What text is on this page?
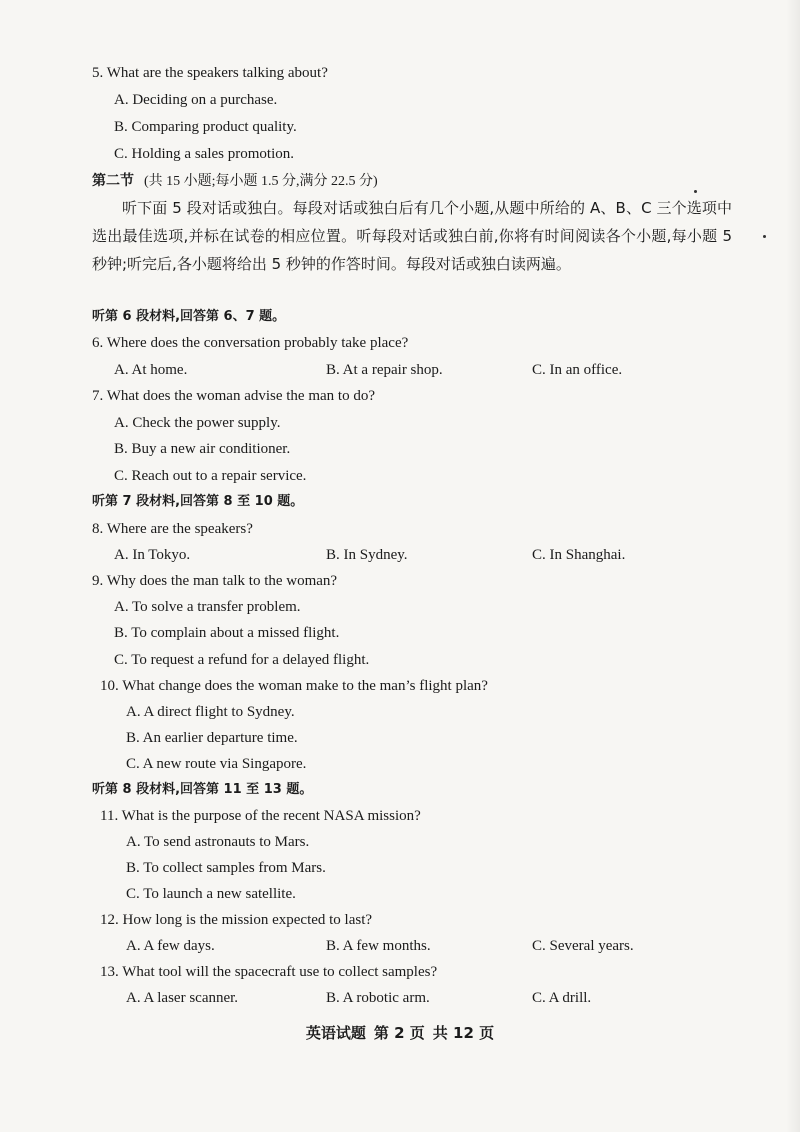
5. What are the speakers talking about?
A. Deciding on a purchase.
B. Comparing product quality.
C. Holding a sales promotion.
第二节 (共 15 小题;每小题 1.5 分,满分 22.5 分)

听下面 5 段对话或独白。每段对话或独白后有几个小题,从题中所给的 A、B、C 三个选项中选出最佳选项,并标在试卷的相应位置。听每段对话或独白前,你将有时间阅读各个小题,每小题 5 秒钟;听完后,各小题将给出 5 秒钟的作答时间。每段对话或独白读两遍。

听第 6 段材料,回答第 6、7 题。
6. Where does the conversation probably take place?
A. At home.	B. At a repair shop.	C. In an office.
7. What does the woman advise the man to do?
A. Check the power supply.
B. Buy a new air conditioner.
C. Reach out to a repair service.
听第 7 段材料,回答第 8 至 10 题。
8. Where are the speakers?
A. In Tokyo.	B. In Sydney.	C. In Shanghai.
9. Why does the man talk to the woman?
A. To solve a transfer problem.
B. To complain about a missed flight.
C. To request a refund for a delayed flight.
10. What change does the woman make to the man’s flight plan?
A. A direct flight to Sydney.
B. An earlier departure time.
C. A new route via Singapore.
听第 8 段材料,回答第 11 至 13 题。
11. What is the purpose of the recent NASA mission?
A. To send astronauts to Mars.
B. To collect samples from Mars.
C. To launch a new satellite.
12. How long is the mission expected to last?
A. A few days.	B. A few months.	C. Several years.
13. What tool will the spacecraft use to collect samples?
A. A laser scanner.	B. A robotic arm.	C. A drill.
英语试题 第 2 页 共 12 页
